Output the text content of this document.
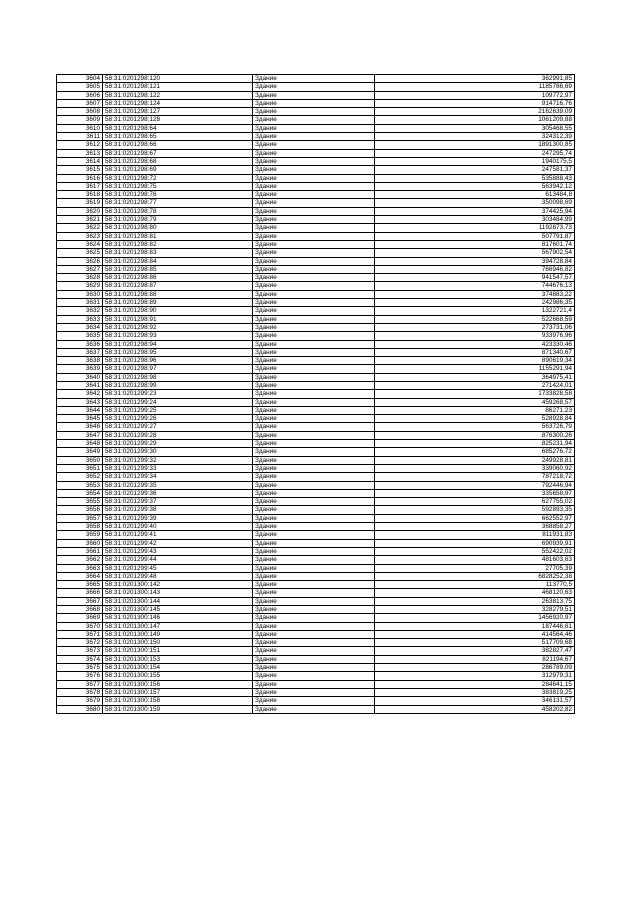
3604	58:31:0201298:120	Здание	362991,85
3605	58:31:0201298:121	Здание	1185786,69
3606	58:31:0201298:122	Здание	109772,97
3607	58:31:0201298:124	Здание	914716,76
3608	58:31:0201298:127	Здание	2162639,09
3609	58:31:0201298:128	Здание	1061209,88
3610	58:31:0201298:64	Здание	305468,55
3611	58:31:0201298:65	Здание	324312,39
3612	58:31:0201298:66	Здание	1891300,85
3613	58:31:0201298:67	Здание	247295,74
3614	58:31:0201298:68	Здание	1940175,5
3615	58:31:0201298:69	Здание	247581,37
3616	58:31:0201298:72	Здание	535888,43
3617	58:31:0201298:75	Здание	563942,12
3618	58:31:0201298:76	Здание	613484,8
3619	58:31:0201298:77	Здание	350098,69
3620	58:31:0201298:78	Здание	374425,94
3621	58:31:0201298:79	Здание	303484,99
3622	58:31:0201298:80	Здание	1192873,73
3623	58:31:0201298:81	Здание	507791,87
3624	58:31:0201298:82	Здание	817601,74
3625	58:31:0201298:83	Здание	567902,54
3626	58:31:0201298:84	Здание	394728,84
3627	58:31:0201298:85	Здание	766946,82
3628	58:31:0201298:86	Здание	941547,57
3629	58:31:0201298:87	Здание	744676,13
3630	58:31:0201298:88	Здание	374883,22
3631	58:31:0201298:89	Здание	242986,35
3632	58:31:0201298:90	Здание	1322721,4
3633	58:31:0201298:91	Здание	522668,59
3634	58:31:0201298:92	Здание	273731,06
3635	58:31:0201298:93	Здание	933976,96
3636	58:31:0201298:94	Здание	423330,46
3637	58:31:0201298:95	Здание	871340,67
3638	58:31:0201298:96	Здание	890619,34
3639	58:31:0201298:97	Здание	1155291,94
3640	58:31:0201298:98	Здание	364975,41
3641	58:31:0201298:99	Здание	271424,01
3642	58:31:0201299:23	Здание	1733828,58
3643	58:31:0201299:24	Здание	459268,57
3644	58:31:0201299:25	Здание	86271,23
3645	58:31:0201299:26	Здание	528928,84
3646	58:31:0201299:27	Здание	563726,79
3647	58:31:0201299:28	Здание	876300,26
3648	58:31:0201299:29	Здание	825231,94
3649	58:31:0201299:30	Здание	685276,72
3650	58:31:0201299:32	Здание	249928,81
3651	58:31:0201299:33	Здание	339060,92
3652	58:31:0201299:34	Здание	787218,72
3653	58:31:0201299:35	Здание	792446,94
3654	58:31:0201299:36	Здание	335658,97
3655	58:31:0201299:37	Здание	627755,02
3656	58:31:0201299:38	Здание	592893,35
3657	58:31:0201299:39	Здание	662552,97
3658	58:31:0201299:40	Здание	368858,27
3659	58:31:0201299:41	Здание	811931,83
3660	58:31:0201299:42	Здание	690939,91
3661	58:31:0201299:43	Здание	552422,02
3662	58:31:0201299:44	Здание	481603,63
3663	58:31:0201299:45	Здание	27705,39
3664	58:31:0201299:48	Здание	6828252,38
3665	58:31:0201300:142	Здание	113770,5
3666	58:31:0201300:143	Здание	468120,63
3667	58:31:0201300:144	Здание	263813,75
3668	58:31:0201300:145	Здание	328279,51
3669	58:31:0201300:146	Здание	1456920,97
3670	58:31:0201300:147	Здание	187446,61
3671	58:31:0201300:149	Здание	414564,46
3672	58:31:0201300:150	Здание	517709,68
3673	58:31:0201300:151	Здание	382827,47
3674	58:31:0201300:153	Здание	821194,67
3675	58:31:0201300:154	Здание	286789,09
3676	58:31:0201300:155	Здание	312979,31
3677	58:31:0201300:156	Здание	284641,15
3678	58:31:0201300:157	Здание	383819,25
3679	58:31:0201300:158	Здание	346131,57
3680	58:31:0201300:159	Здание	458202,82
